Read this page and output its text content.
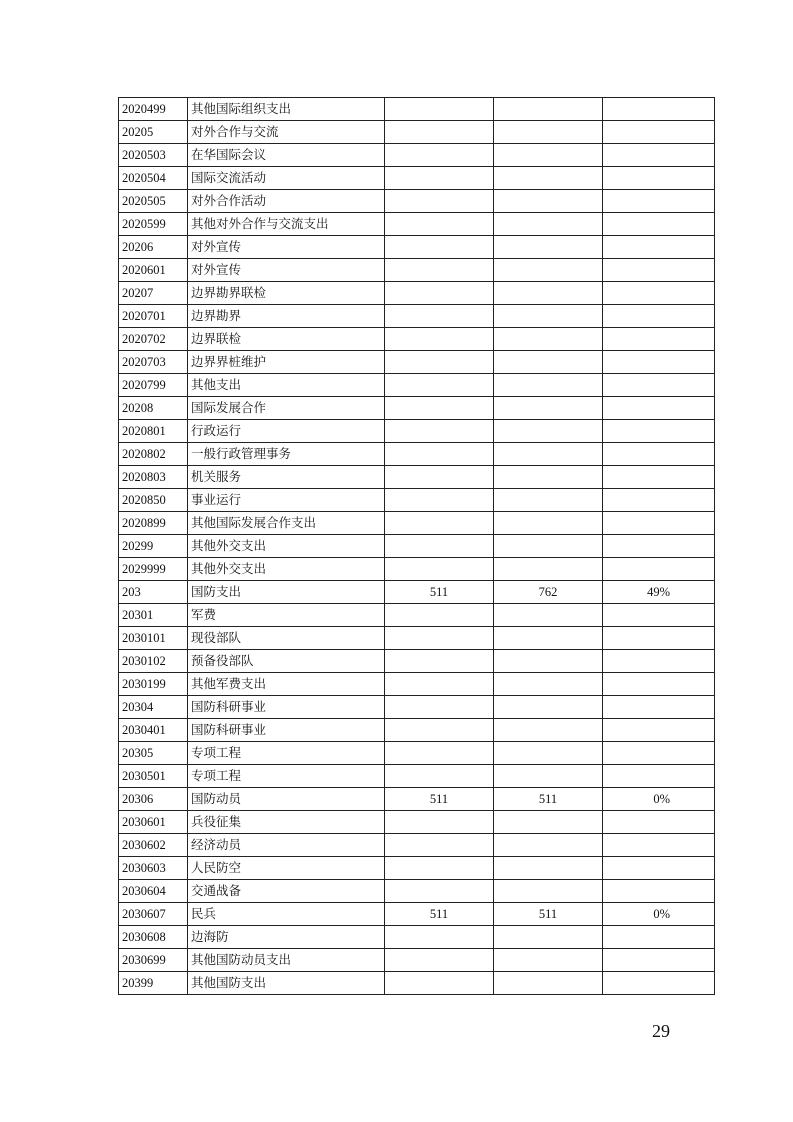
2020499	其他国际组织支出			
20205	对外合作与交流			
2020503	在华国际会议			
2020504	国际交流活动			
2020505	对外合作活动			
2020599	其他对外合作与交流支出			
20206	对外宣传			
2020601	对外宣传			
20207	边界勘界联检			
2020701	边界勘界			
2020702	边界联检			
2020703	边界界桩维护			
2020799	其他支出			
20208	国际发展合作			
2020801	行政运行			
2020802	一般行政管理事务			
2020803	机关服务			
2020850	事业运行			
2020899	其他国际发展合作支出			
20299	其他外交支出			
2029999	其他外交支出			
203	国防支出	511	762	49%
20301	军费			
2030101	现役部队			
2030102	预备役部队			
2030199	其他军费支出			
20304	国防科研事业			
2030401	国防科研事业			
20305	专项工程			
2030501	专项工程			
20306	国防动员	511	511	0%
2030601	兵役征集			
2030602	经济动员			
2030603	人民防空			
2030604	交通战备			
2030607	民兵	511	511	0%
2030608	边海防			
2030699	其他国防动员支出			
20399	其他国防支出			
29
